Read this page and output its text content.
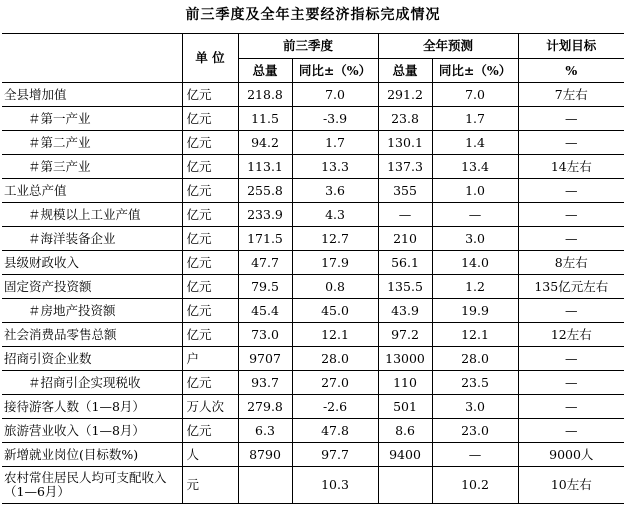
前三季度及全年主要经济指标完成情况
	单 位	前三季度		全年预测		计划目标
		总量	同比±（%）	总量	同比±（%）	%
全县增加值	亿元	218.8	7.0	291.2	7.0	7左右
＃第一产业	亿元	11.5	-3.9	23.8	1.7	—
＃第二产业	亿元	94.2	1.7	130.1	1.4	—
＃第三产业	亿元	113.1	13.3	137.3	13.4	14左右
工业总产值	亿元	255.8	3.6	355	1.0	—
＃规模以上工业产值	亿元	233.9	4.3	—	—	—
＃海洋装备企业	亿元	171.5	12.7	210	3.0	—
县级财政收入	亿元	47.7	17.9	56.1	14.0	8左右
固定资产投资额	亿元	79.5	0.8	135.5	1.2	135亿元左右
＃房地产投资额	亿元	45.4	45.0	43.9	19.9	—
社会消费品零售总额	亿元	73.0	12.1	97.2	12.1	12左右
招商引资企业数	户	9707	28.0	13000	28.0	—
＃招商引企实现税收	亿元	93.7	27.0	110	23.5	—
接待游客人数（1—8月）	万人次	279.8	-2.6	501	3.0	—
旅游营业收入（1—8月）	亿元	6.3	47.8	8.6	23.0	—
新增就业岗位(目标数%)	人	8790	97.7	9400	—	9000人
农村常住居民人均可支配收入（1—6月）	元		10.3		10.2	10左右
